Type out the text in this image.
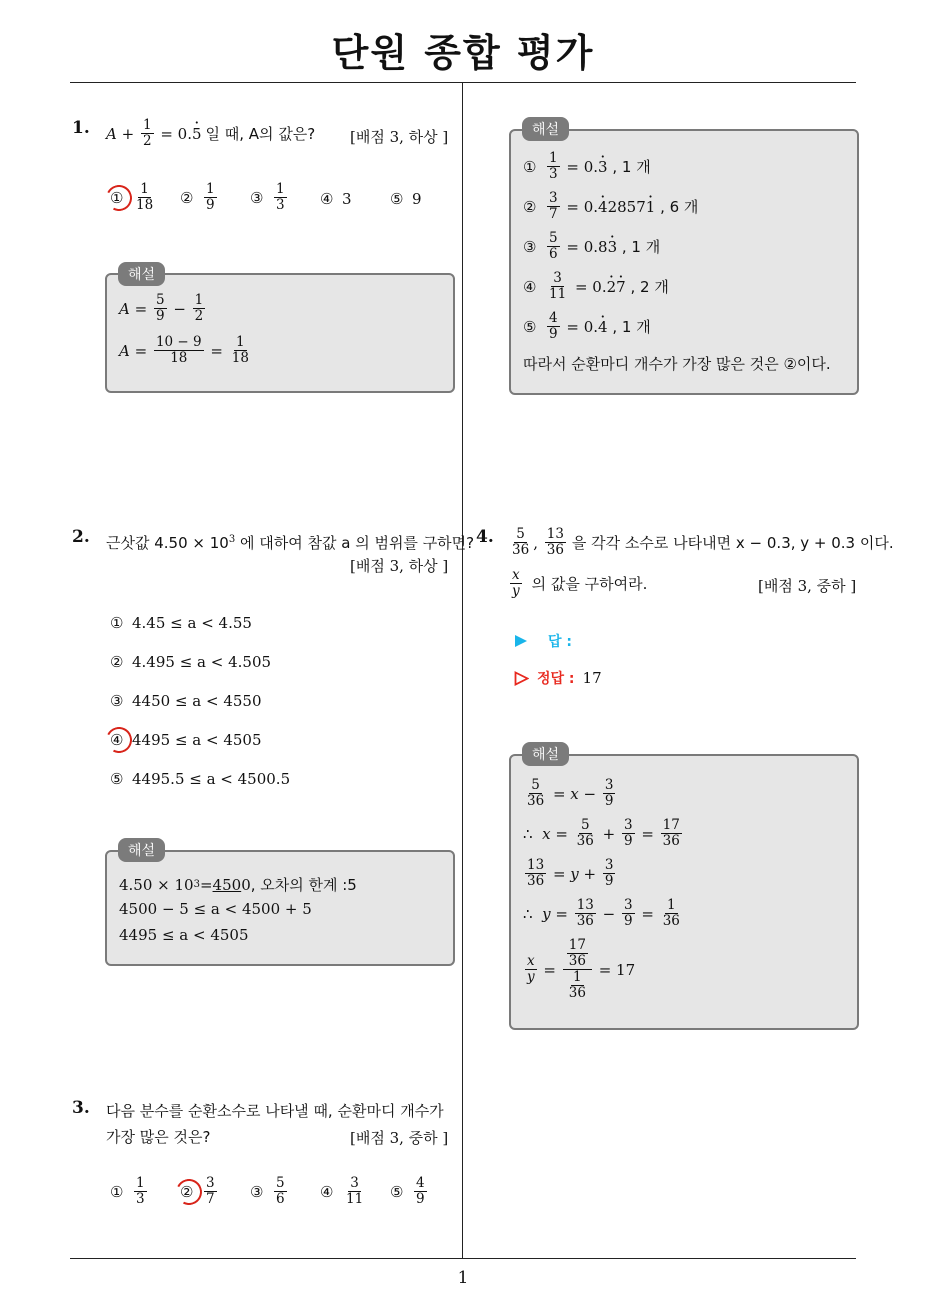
단원 종합 평가
1
1. $A + \frac{1}{2} = 0$. 5 · 일 때, A의 값은? [배점 3, 하상 ]
① $\frac{1}{18}$ ② $\frac{1}{9}$ ③ $\frac{1}{3}$ ④ 3	⑤ 9
$A = \frac{5}{9} - \frac{1}{2}$
$A = \frac{10 - 9}{18} = \frac{1}{18}$
해설
2. 근삿값 $4.50 \times 10^3$ 에 대하여 참값 a 의 범위를 구하면?
[배점 3, 하상 ]
① 4.45 ≤ a < 4.55
② 4.495 ≤ a < 4.505
③ 4450 ≤ a < 4550
④ 4495 ≤ a < 4505
⑤ 4495.5 ≤ a < 4500.5
4.50 × 10 3 = 450 0 , 오차의 한계 :5
4500 − 5 ≤ a < 4500 + 5
4495 ≤ a < 4505
해설
3. 다음 분수를 순환소수로 나타낼 때, 순환마디 개수가
가장 많은 것은?	[배점 3, 중하 ]
① $\frac{1}{3}$ ② $\frac{3}{7}$ ③ $\frac{5}{6}$ ④ $\frac{3}{11}$ ⑤ $\frac{4}{9}$
① $\frac{1}{3} = 0$. 3 ·
, 1 개
② $\frac{3}{7} = 0$. 4 · 2857 1 ·
, 6 개
③ $\frac{5}{6} = 0.8$ 3 ·
, 1 개
④ $\frac{3}{11} = 0$. 2 · 7 ·
, 2 개
⑤ $\frac{4}{9} = 0$. 4 ·
, 1 개
따라서 순환마디 개수가 가장 많은 것은 ②이다.
해설
4. $\frac{5}{36}$ , $\frac{13}{36}$ 을 각각 소수로 나타내면 x − 0.3, y + 0.3 이다.
$\frac{x}{y}$ 의 값을 구하여라.	[배점 3, 중하 ]
답 :
정답 : 17
$\frac{5}{36} = x - \frac{3}{9}$
∴
$x = \frac{5}{36} + \frac{3}{9} = \frac{17}{36}$
$\frac{13}{36} = y + \frac{3}{9}$
∴
$y = \frac{13}{36} - \frac{3}{9} = \frac{1}{36}$
$\frac{x}{y} = \frac{\frac{17}{36}}{\frac{1}{36}} = 17$
해설
